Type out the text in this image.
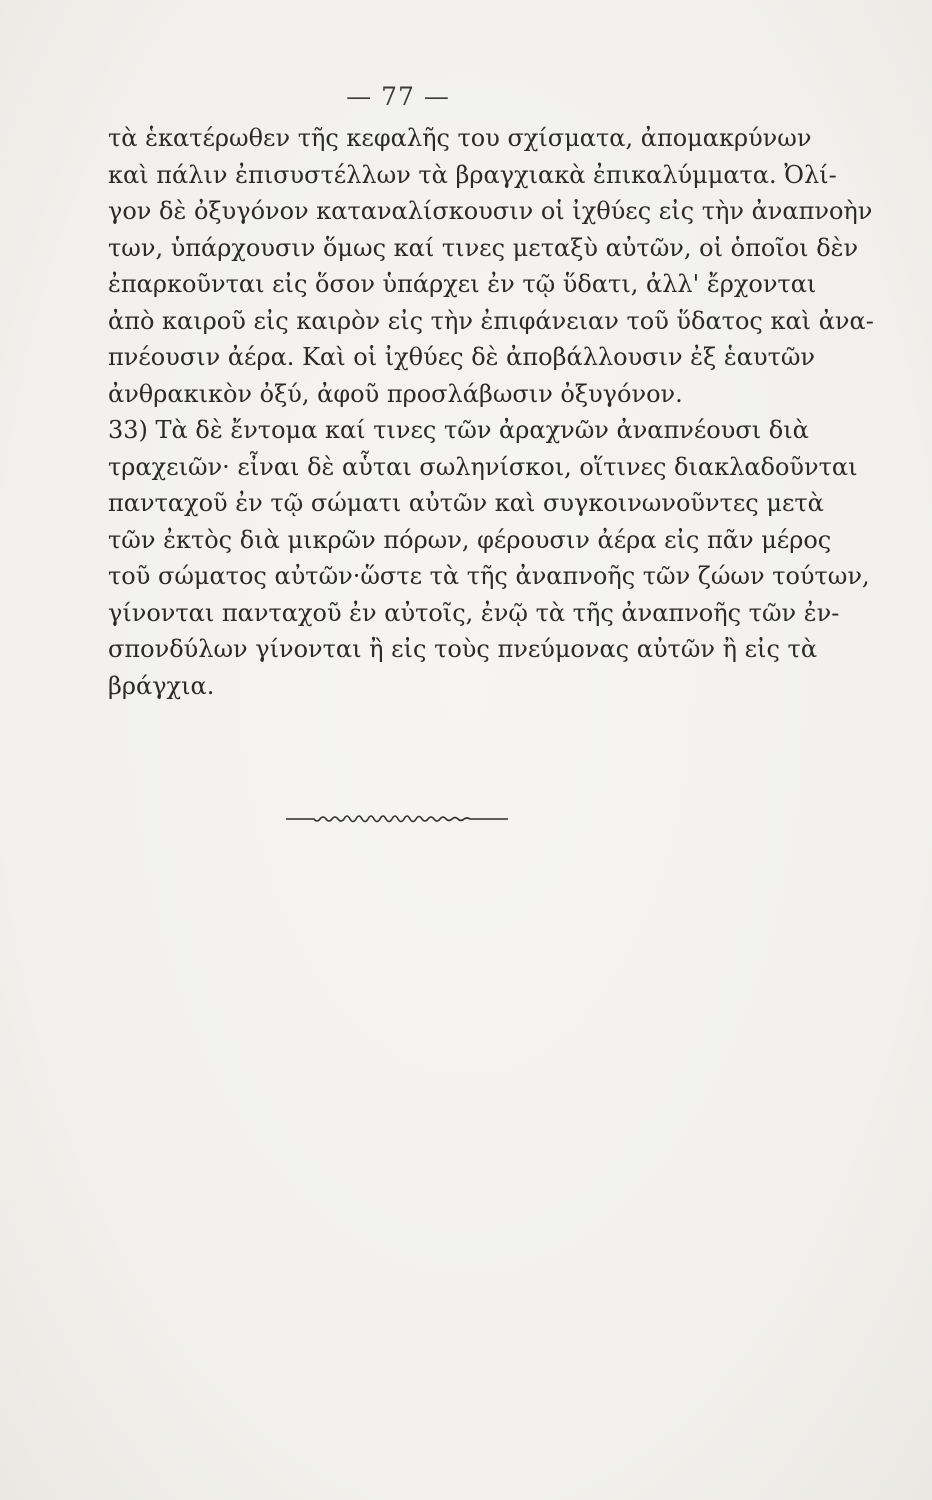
— 77 —
τὰ ἑκατέρωθεν τῆς κεφαλῆς του σχίσματα, ἀπομακρύνων
καὶ πάλιν ἐπισυστέλλων τὰ βραγχιακὰ ἐπικαλύμματα. Ὀλί-
γον δὲ ὀξυγόνον καταναλίσκουσιν οἱ ἰχθύες εἰς τὴν ἀναπνοὴν
των, ὑπάρχουσιν ὅμως καί τινες μεταξὺ αὐτῶν, οἱ ὁποῖοι δὲν
ἐπαρκοῦνται εἰς ὅσον ὑπάρχει ἐν τῷ ὕδατι, ἀλλ' ἔρχονται
ἀπὸ καιροῦ εἰς καιρὸν εἰς τὴν ἐπιφάνειαν τοῦ ὕδατος καὶ ἀνα-
πνέουσιν ἀέρα. Καὶ οἱ ἰχθύες δὲ ἀποβάλλουσιν ἐξ ἑαυτῶν
ἀνθρακικὸν ὀξύ, ἀφοῦ προσλάβωσιν ὀξυγόνον.
33) Τὰ δὲ ἔντομα καί τινες τῶν ἀραχνῶν ἀναπνέουσι διὰ
τραχειῶν· εἶναι δὲ αὗται σωληνίσκοι, οἵτινες διακλαδοῦνται
πανταχοῦ ἐν τῷ σώματι αὐτῶν καὶ συγκοινωνοῦντες μετὰ
τῶν ἐκτὸς διὰ μικρῶν πόρων, φέρουσιν ἀέρα εἰς πᾶν μέρος
τοῦ σώματος αὐτῶν·ὥστε τὰ τῆς ἀναπνοῆς τῶν ζώων τούτων,
γίνονται πανταχοῦ ἐν αὐτοῖς, ἐνῷ τὰ τῆς ἀναπνοῆς τῶν ἐν-
σπονδύλων γίνονται ἢ εἰς τοὺς πνεύμονας αὐτῶν ἢ εἰς τὰ
βράγχια.
